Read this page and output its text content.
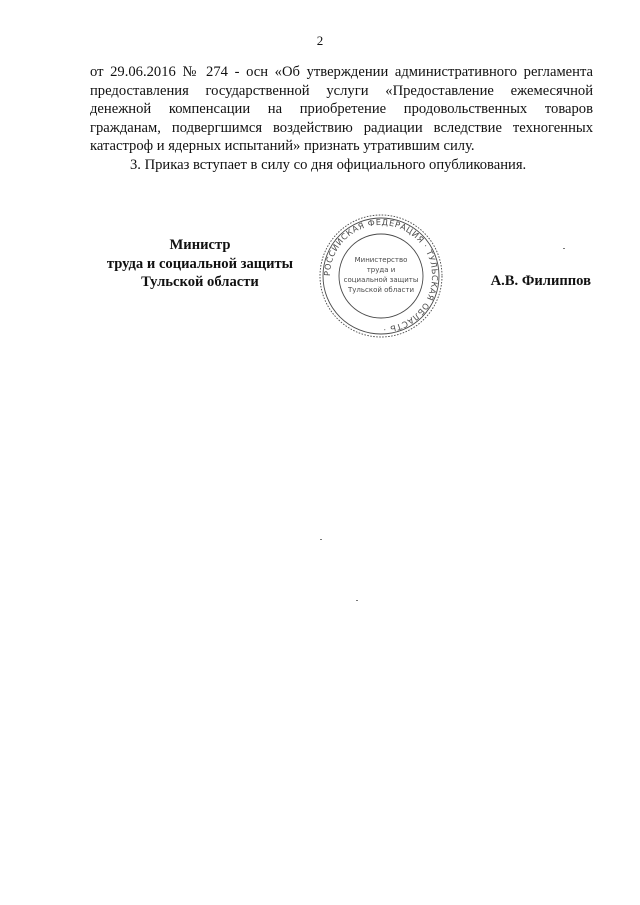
2

от 29.06.2016 № 274 - осн «Об утверждении административного регламента предоставления государственной услуги «Предоставление ежемесячной денежной компенсации на приобретение продовольственных товаров гражданам, подвергшимся воздействию радиации вследствие техногенных катастроф и ядерных испытаний» признать утратившим силу.

3. Приказ вступает в силу со дня официального опубликования.

Министр
труда и социальной защиты
Тульской области
РОССИЙСКАЯ ФЕДЕРАЦИЯ · ТУЛЬСКАЯ ОБЛАСТЬ ·
Министерство
труда и
социальной защиты
Тульской области
А.В. Филиппов
